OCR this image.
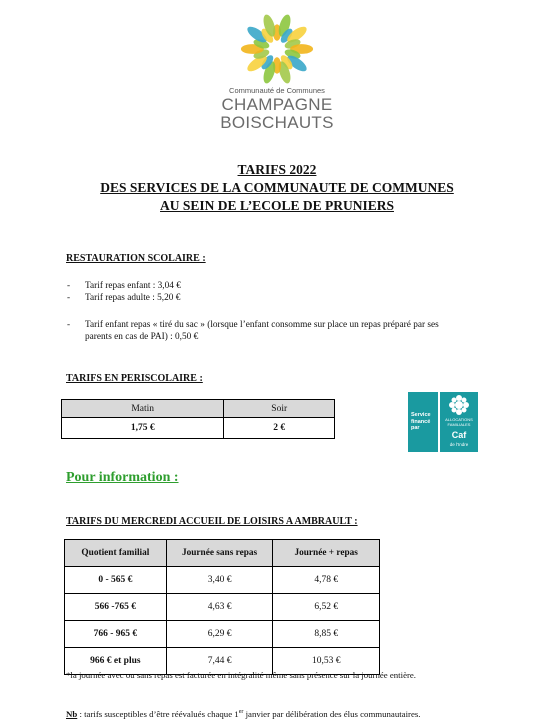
Communauté de Communes
CHAMPAGNE
BOISCHAUTS
TARIFS 2022
DES SERVICES DE LA COMMUNAUTE DE COMMUNES
AU SEIN DE L’ECOLE DE PRUNIERS
RESTAURATION SCOLAIRE :
- Tarif repas enfant : 3,04 €
- Tarif repas adulte : 5,20 €
- Tarif enfant repas « tiré du sac » (lorsque l’enfant consomme sur place un repas préparé par ses
parents en cas de PAI) : 0,50 €
TARIFS EN PERISCOLAIRE :
Matin	Soir
1,75 €	2 €
Service
financé
par
ALLOCATIONS
FAMILIALES
Caf
de l’Indre
Pour information :
TARIFS DU MERCREDI ACCUEIL DE LOISIRS A AMBRAULT :
Quotient familial	Journée sans repas	Journée + repas
0 - 565 €	3,40 €	4,78 €
566 -765 €	4,63 €	6,52 €
766 - 965 €	6,29 €	8,85 €
966 € et plus	7,44 €	10,53 €
*la journée avec ou sans repas est facturée en intégralité même sans présence sur la journée entière.
Nb : tarifs susceptibles d’être réévalués chaque 1er janvier par délibération des élus communautaires.
